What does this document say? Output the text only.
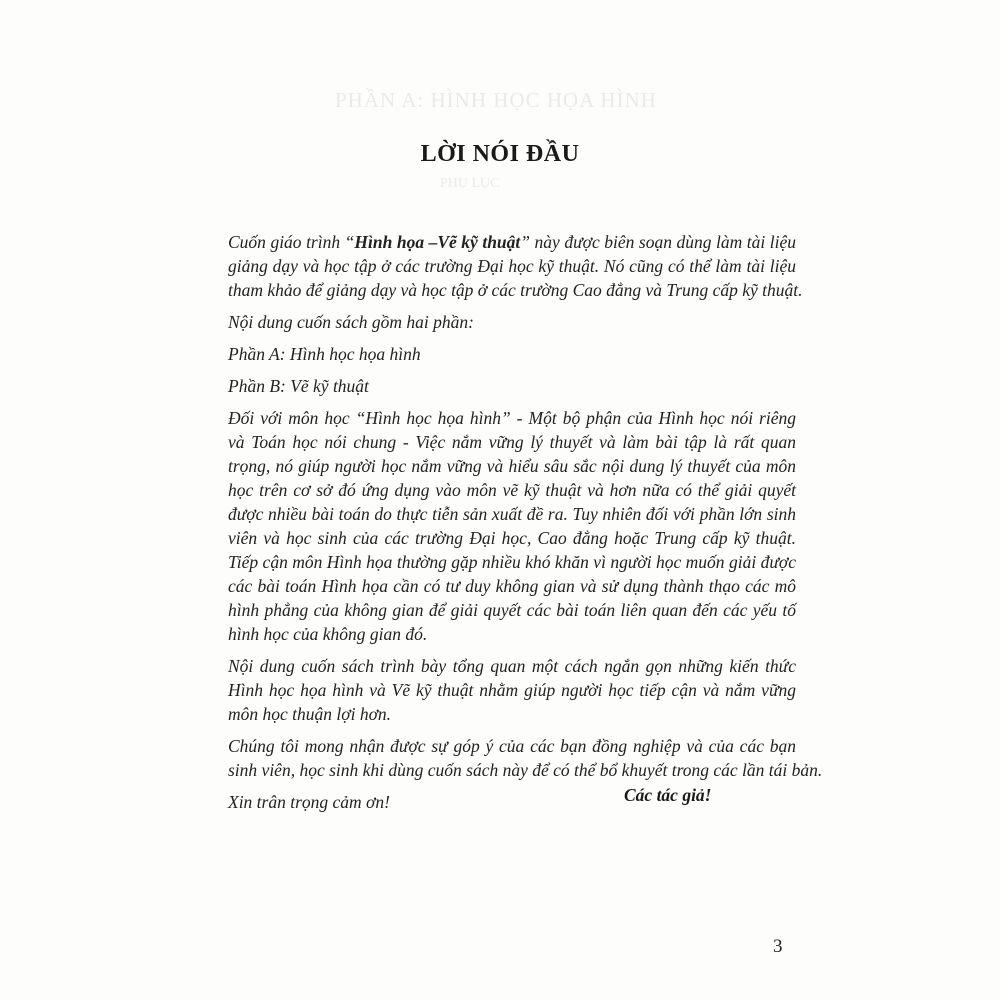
PHẦN A: HÌNH HỌC HỌA HÌNH
PHỤ LỤC
LỜI NÓI ĐẦU

Cuốn giáo trình “Hình họa –Vẽ kỹ thuật” này được biên soạn dùng làm tài liệu
giảng dạy và học tập ở các trường Đại học kỹ thuật. Nó cũng có thể làm tài liệu
tham khảo để giảng dạy và học tập ở các trường Cao đẳng và Trung cấp kỹ thuật.

Nội dung cuốn sách gồm hai phần:

Phần A: Hình học họa hình

Phần B: Vẽ kỹ thuật

Đối với môn học “Hình học họa hình” - Một bộ phận của Hình học nói riêng
và Toán học nói chung - Việc nắm vững lý thuyết và làm bài tập là rất quan
trọng, nó giúp người học nắm vững và hiểu sâu sắc nội dung lý thuyết của môn
học trên cơ sở đó ứng dụng vào môn vẽ kỹ thuật và hơn nữa có thể giải quyết
được nhiều bài toán do thực tiễn sản xuất đề ra. Tuy nhiên đối với phần lớn sinh
viên và học sinh của các trường Đại học, Cao đẳng hoặc Trung cấp kỹ thuật.
Tiếp cận môn Hình họa thường gặp nhiều khó khăn vì người học muốn giải được
các bài toán Hình họa cần có tư duy không gian và sử dụng thành thạo các mô
hình phẳng của không gian để giải quyết các bài toán liên quan đến các yếu tố
hình học của không gian đó.

Nội dung cuốn sách trình bày tổng quan một cách ngắn gọn những kiến thức
Hình học họa hình và Vẽ kỹ thuật nhằm giúp người học tiếp cận và nắm vững
môn học thuận lợi hơn.

Chúng tôi mong nhận được sự góp ý của các bạn đồng nghiệp và của các bạn
sinh viên, học sinh khi dùng cuốn sách này để có thể bổ khuyết trong các lần tái bản.

Xin trân trọng cảm ơn!	Các tác giả!
3
